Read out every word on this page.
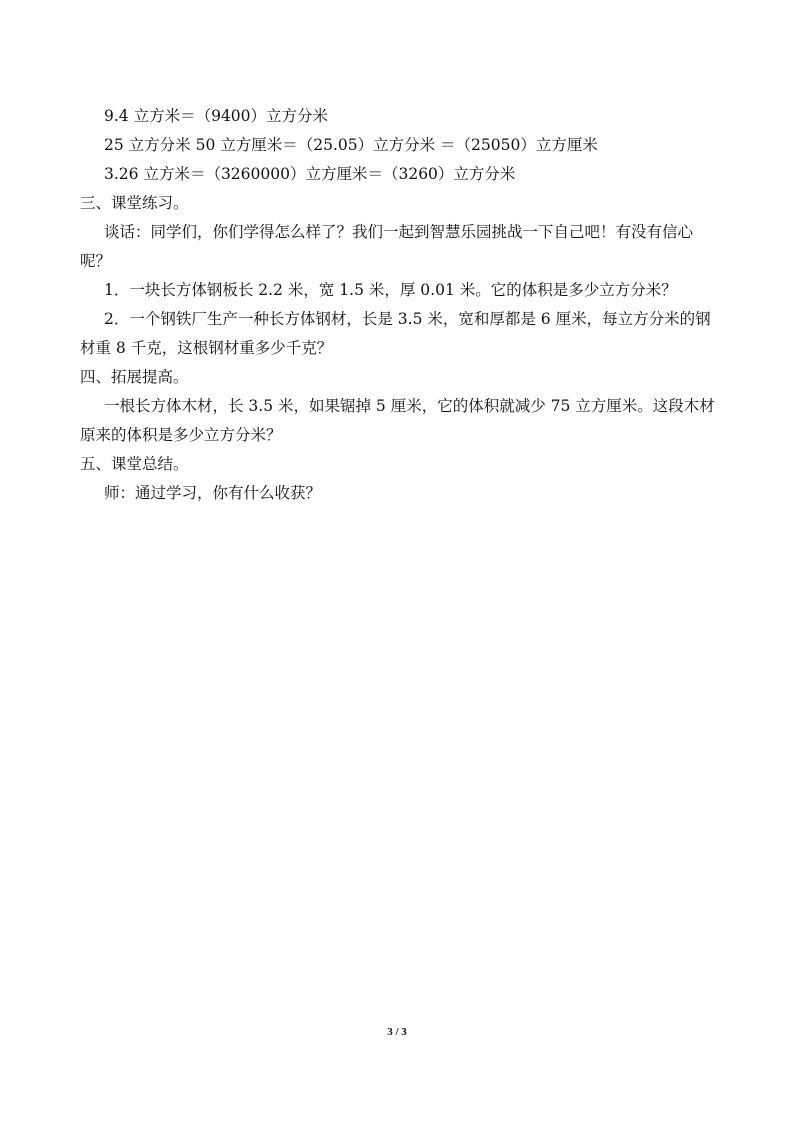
9.4 立方米＝（9400）立方分米

25 立方分米 50 立方厘米＝（25.05）立方分米 ＝（25050）立方厘米

3.26 立方米＝（3260000）立方厘米＝（3260）立方分米

三、课堂练习。

谈话：同学们，你们学得怎么样了？我们一起到智慧乐园挑战一下自己吧！有没有信心呢？

1．一块长方体钢板长 2.2 米，宽 1.5 米，厚 0.01 米。它的体积是多少立方分米？

2．一个钢铁厂生产一种长方体钢材，长是 3.5 米，宽和厚都是 6 厘米，每立方分米的钢材重 8 千克，这根钢材重多少千克？

四、拓展提高。

一根长方体木材，长 3.5 米，如果锯掉 5 厘米，它的体积就减少 75 立方厘米。这段木材原来的体积是多少立方分米？

五、课堂总结。

师：通过学习，你有什么收获？

3 / 3
